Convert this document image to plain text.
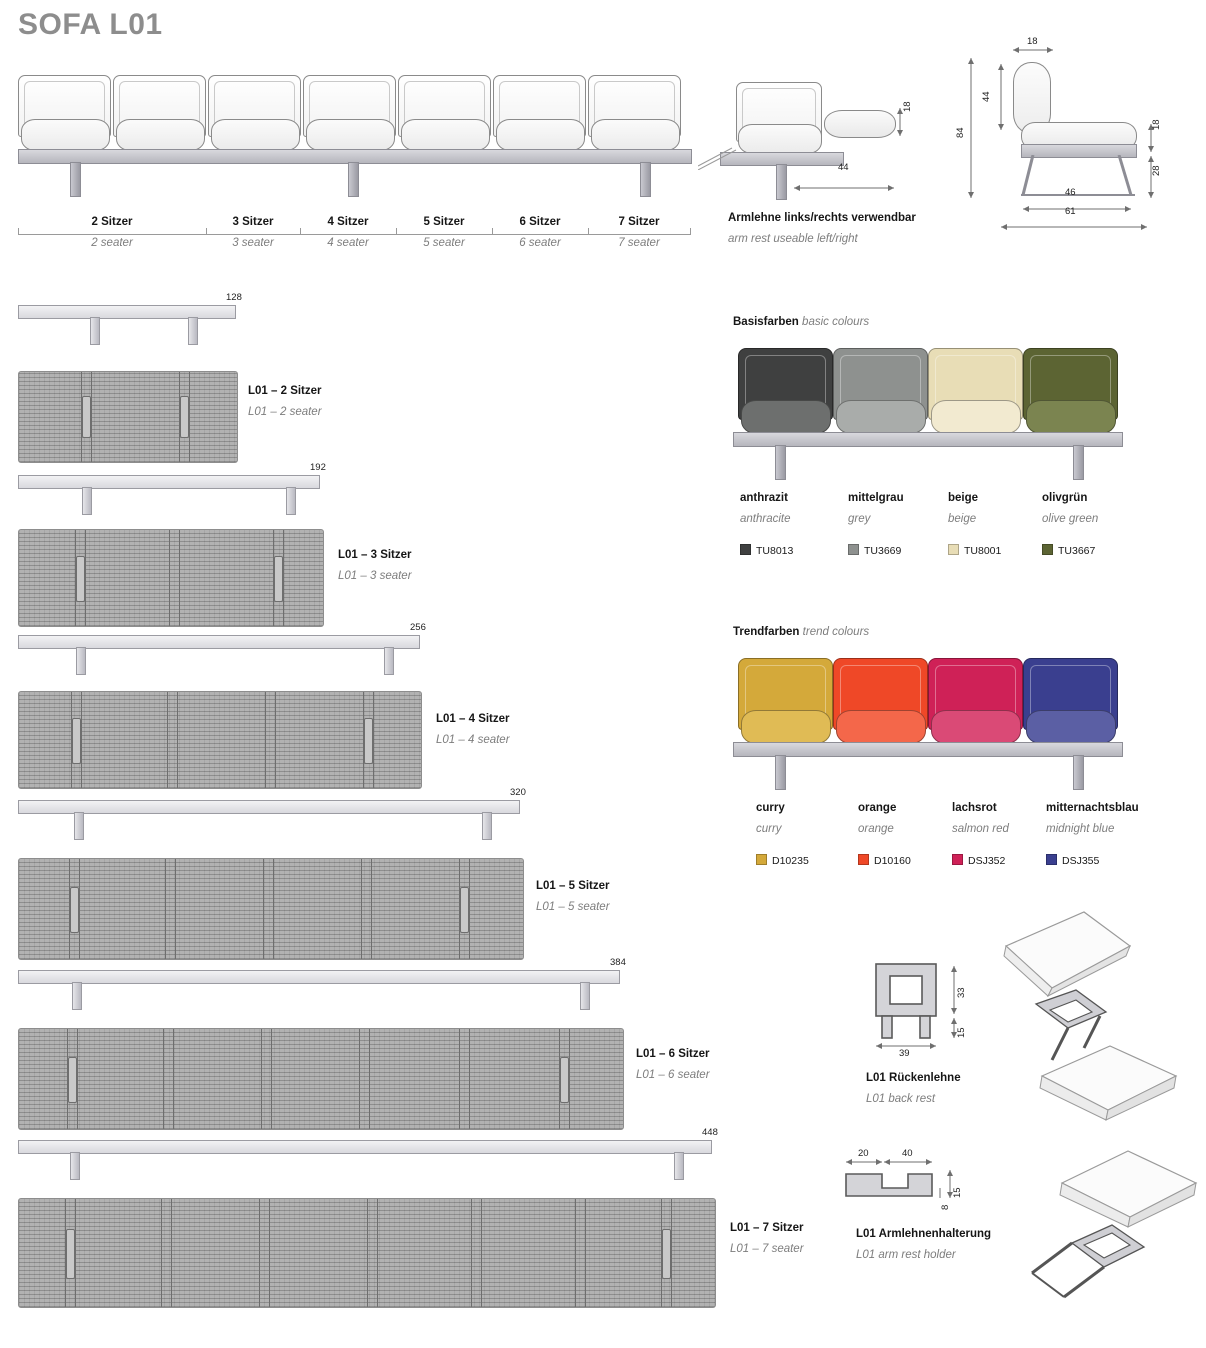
SOFA L01
2 Sitzer
2 seater
3 Sitzer
3 seater
4 Sitzer
4 seater
5 Sitzer
5 seater
6 Sitzer
6 seater
7 Sitzer
7 seater
18
44
Armlehne links/rechts verwendbar
arm rest useable left/right
18
44
84
18
28
46
61
128
L01 – 2 Sitzer
L01 – 2 seater
192
L01 – 3 Sitzer
L01 – 3 seater
256
L01 – 4 Sitzer
L01 – 4 seater
320
L01 – 5 Sitzer
L01 – 5 seater
384
L01 – 6 Sitzer
L01 – 6 seater
448
L01 – 7 Sitzer
L01 – 7 seater
Basisfarben basic colours
anthrazit
anthracite
TU8013
mittelgrau
grey
TU3669
beige
beige
TU8001
olivgrün
olive green
TU3667
Trendfarben trend colours
curry
curry
D10235
orange
orange
D10160
lachsrot
salmon red
DSJ352
mitternachtsblau
midnight blue
DSJ355
39
33
15
L01 Rückenlehne
L01 back rest
20	40
15
8
L01 Armlehnenhalterung
L01 arm rest holder
